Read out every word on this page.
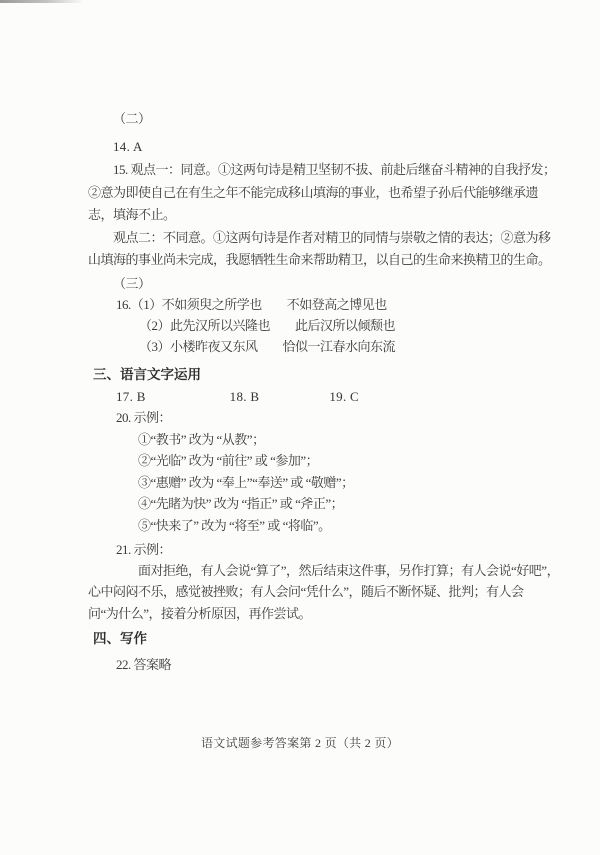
（二）
14. A
15. 观点一：同意。①这两句诗是精卫坚韧不拔、前赴后继奋斗精神的自我抒发；
②意为即使自己在有生之年不能完成移山填海的事业，也希望子孙后代能够继承遗
志，填海不止。
观点二：不同意。①这两句诗是作者对精卫的同情与崇敬之情的表达；②意为移
山填海的事业尚未完成，我愿牺牲生命来帮助精卫，以自己的生命来换精卫的生命。
（三）
16.（1）不如须臾之所学也　　不如登高之博见也
（2）此先汉所以兴隆也　　此后汉所以倾颓也
（3）小楼昨夜又东风　　恰似一江春水向东流
三、语言文字运用
17. B	18. B	19. C
20. 示例：
①“教书” 改为 “从教”；
②“光临” 改为 “前往” 或 “参加”；
③“惠赠” 改为 “奉上”“奉送” 或 “敬赠”；
④“先睹为快” 改为 “指正” 或 “斧正”；
⑤“快来了” 改为 “将至” 或 “将临”。
21. 示例：
面对拒绝，有人会说“算了”，然后结束这件事，另作打算；有人会说“好吧”，
心中闷闷不乐，感觉被挫败；有人会问“凭什么”，随后不断怀疑、批判；有人会
问“为什么”，接着分析原因，再作尝试。
四、写作
22. 答案略
语文试题参考答案第 2 页（共 2 页）
